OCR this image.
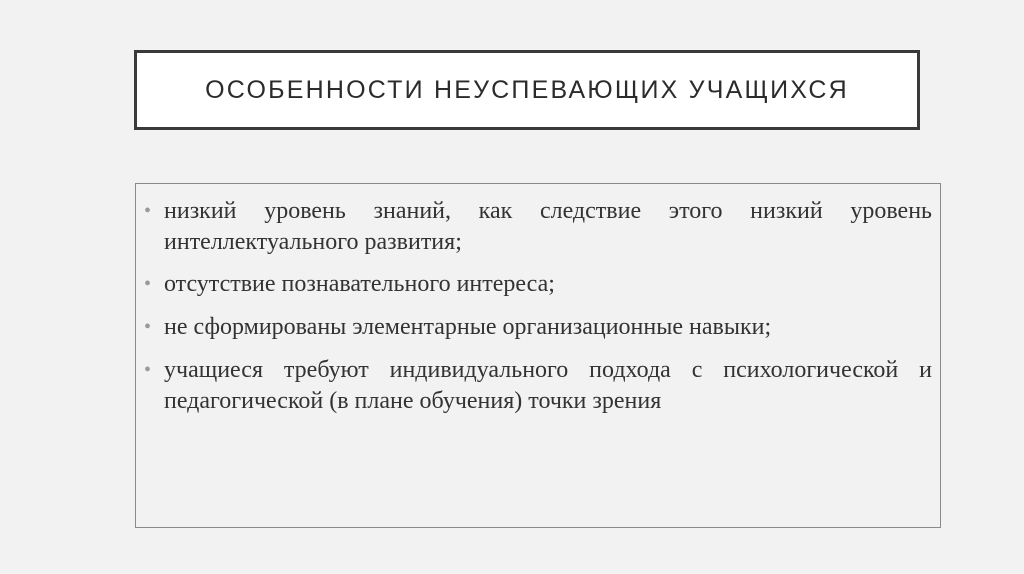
ОСОБЕННОСТИ НЕУСПЕВАЮЩИХ УЧАЩИХСЯ
• низкий уровень знаний, как следствие этого низкий уровень интеллектуального развития;
• отсутствие познавательного интереса;
• не сформированы элементарные организационные навыки;
• учащиеся требуют индивидуального подхода с психологической и педагогической (в плане обучения) точки зрения
